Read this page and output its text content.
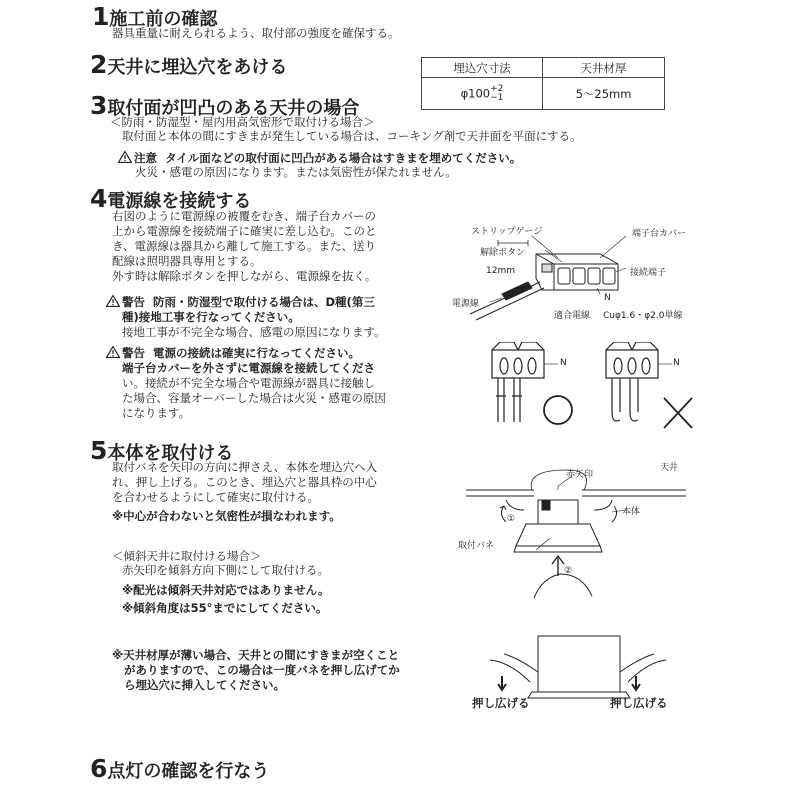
1施工前の確認
器具重量に耐えられるよう、取付部の強度を確保する。
2天井に埋込穴をあける	埋込穴寸法	天井材厚
φ100+2
−1	5〜25mm
3取付面が凹凸のある天井の場合
＜防雨・防湿型・屋内用高気密形で取付ける場合＞
取付面と本体の間にすきまが発生している場合は、コーキング剤で天井面を平面にする。
注意 タイル面などの取付面に凹凸がある場合はすきまを埋めてください。
火災・感電の原因になります。または気密性が保たれません。
4電源線を接続する
右図のように電源線の被覆をむき、端子台カバーの
上から電源線を接続端子に確実に差し込む。このと
き、電源線は器具から離して施工する。また、送り
配線は照明器具専用とする。
外す時は解除ボタンを押しながら、電源線を抜く。
警告 防雨・防湿型で取付ける場合は、D種(第三
種)接地工事を行なってください。
接地工事が不完全な場合、感電の原因になります。
警告 電源の接続は確実に行なってください。
端子台カバーを外さずに電源線を接続してくださ
い。接続が不完全な場合や電源線が器具に接触し
た場合、容量オーバーした場合は火災・感電の原因
になります。
ストリップゲージ
解除ボタン
12mm
電源線
端子台カバー
接続端子
N
適合電線 Cuφ1.6・φ2.0単線
N	N
5本体を取付ける
取付バネを矢印の方向に押さえ、本体を埋込穴へ入
れ、押し上げる。このとき、埋込穴と器具枠の中心
を合わせるようにして確実に取付ける。
※中心が合わないと気密性が損なわれます。
＜傾斜天井に取付ける場合＞
赤矢印を傾斜方向下側にして取付ける。
※配光は傾斜天井対応ではありません。
※傾斜角度は55°までにしてください。
※天井材厚が薄い場合、天井との間にすきまが空くこと
がありますので、この場合は一度バネを押し広げてか
ら埋込穴に挿入してください。
赤矢印
天井
本体
取付バネ
①
②
押し広げる	押し広げる
6点灯の確認を行なう
